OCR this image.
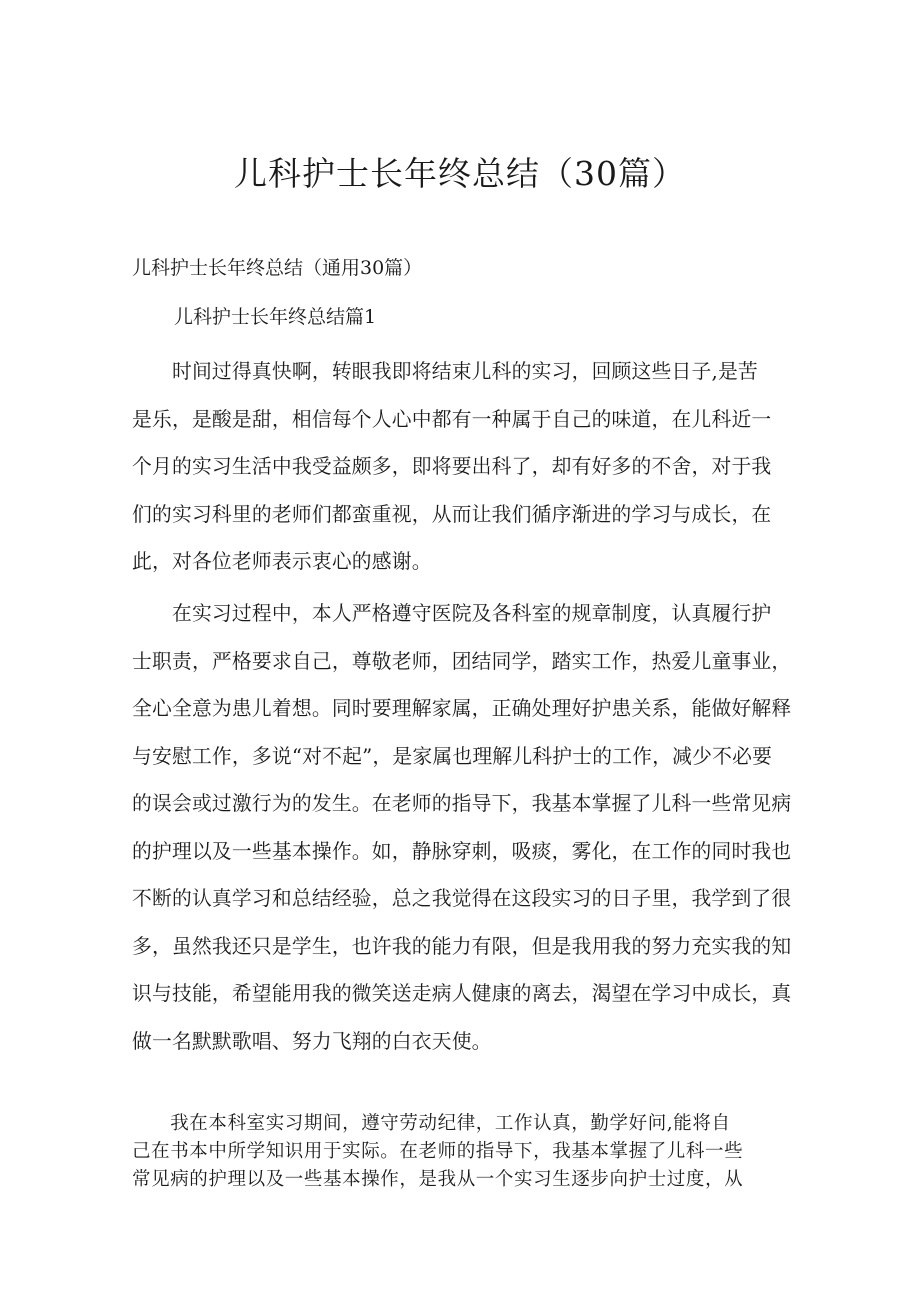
儿科护士长年终总结（30篇）
儿科护士长年终总结（通用30篇）
儿科护士长年终总结篇1
　　时间过得真快啊，转眼我即将结束儿科的实习，回顾这些日子,是苦
是乐，是酸是甜，相信每个人心中都有一种属于自己的味道，在儿科近一
个月的实习生活中我受益颇多，即将要出科了，却有好多的不舍，对于我
们的实习科里的老师们都蛮重视，从而让我们循序渐进的学习与成长，在
此，对各位老师表示衷心的感谢。
　　在实习过程中，本人严格遵守医院及各科室的规章制度，认真履行护
士职责，严格要求自己，尊敬老师，团结同学，踏实工作，热爱儿童事业，
全心全意为患儿着想。同时要理解家属，正确处理好护患关系，能做好解释
与安慰工作，多说“对不起”，是家属也理解儿科护士的工作，减少不必要
的误会或过激行为的发生。在老师的指导下，我基本掌握了儿科一些常见病
的护理以及一些基本操作。如，静脉穿刺，吸痰，雾化，在工作的同时我也
不断的认真学习和总结经验，总之我觉得在这段实习的日子里，我学到了很
多，虽然我还只是学生，也许我的能力有限，但是我用我的努力充实我的知
识与技能，希望能用我的微笑送走病人健康的离去，渴望在学习中成长，真
做一名默默歌唱、努力飞翔的白衣天使。
　　我在本科室实习期间，遵守劳动纪律，工作认真，勤学好问,能将自
己在书本中所学知识用于实际。在老师的指导下，我基本掌握了儿科一些
常见病的护理以及一些基本操作，是我从一个实习生逐步向护士过度，从
